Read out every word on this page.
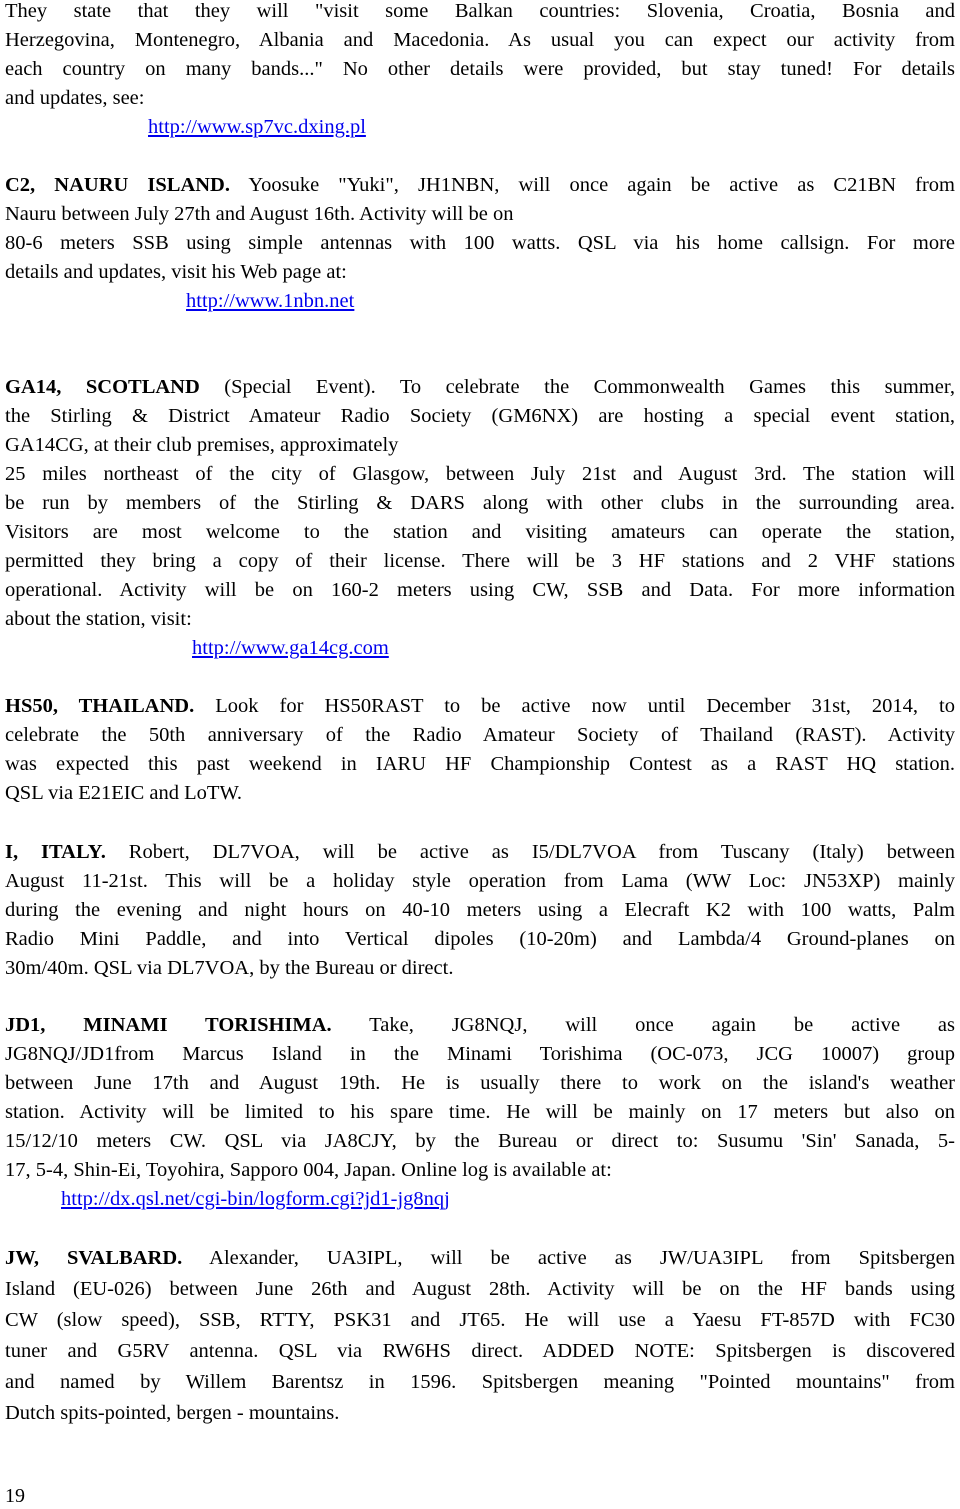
They state that they will "visit some Balkan countries: Slovenia, Croatia, Bosnia and

Herzegovina, Montenegro, Albania and Macedonia. As usual you can expect our activity from

each country on many bands..." No other details were provided, but stay tuned! For details

and updates, see:

http://www.sp7vc.dxing.pl

C2, NAURU ISLAND. Yoosuke "Yuki", JH1NBN, will once again be active as C21BN from

Nauru between July 27th and August 16th. Activity will be on

80-6 meters SSB using simple antennas with 100 watts. QSL via his home callsign. For more

details and updates, visit his Web page at:

http://www.1nbn.net

GA14, SCOTLAND (Special Event). To celebrate the Commonwealth Games this summer,

the Stirling & District Amateur Radio Society (GM6NX) are hosting a special event station,

GA14CG, at their club premises, approximately

25 miles northeast of the city of Glasgow, between July 21st and August 3rd. The station will

be run by members of the Stirling & DARS along with other clubs in the surrounding area.

Visitors are most welcome to the station and visiting amateurs can operate the station,

permitted they bring a copy of their license. There will be 3 HF stations and 2 VHF stations

operational. Activity will be on 160-2 meters using CW, SSB and Data. For more information

about the station, visit:

http://www.ga14cg.com

HS50, THAILAND. Look for HS50RAST to be active now until December 31st, 2014, to

celebrate the 50th anniversary of the Radio Amateur Society of Thailand (RAST). Activity

was expected this past weekend in IARU HF Championship Contest as a RAST HQ station.

QSL via E21EIC and LoTW.

I, ITALY. Robert, DL7VOA, will be active as I5/DL7VOA from Tuscany (Italy) between

August 11-21st. This will be a holiday style operation from Lama (WW Loc: JN53XP) mainly

during the evening and night hours on 40-10 meters using a Elecraft K2 with 100 watts, Palm

Radio Mini Paddle, and into Vertical dipoles (10-20m) and Lambda/4 Ground-planes on

30m/40m. QSL via DL7VOA, by the Bureau or direct.

JD1, MINAMI TORISHIMA. Take, JG8NQJ, will once again be active as

JG8NQJ/JD1from Marcus Island in the Minami Torishima (OC-073, JCG 10007) group

between June 17th and August 19th. He is usually there to work on the island's weather

station. Activity will be limited to his spare time. He will be mainly on 17 meters but also on

15/12/10 meters CW. QSL via JA8CJY, by the Bureau or direct to: Susumu 'Sin' Sanada, 5-

17, 5-4, Shin-Ei, Toyohira, Sapporo 004, Japan. Online log is available at:

http://dx.qsl.net/cgi-bin/logform.cgi?jd1-jg8nqj

JW, SVALBARD. Alexander, UA3IPL, will be active as JW/UA3IPL from Spitsbergen

Island (EU-026) between June 26th and August 28th. Activity will be on the HF bands using

CW (slow speed), SSB, RTTY, PSK31 and JT65. He will use a Yaesu FT-857D with FC30

tuner and G5RV antenna. QSL via RW6HS direct. ADDED NOTE: Spitsbergen is discovered

and named by Willem Barentsz in 1596. Spitsbergen meaning "Pointed mountains" from

Dutch spits-pointed, bergen - mountains.

19
